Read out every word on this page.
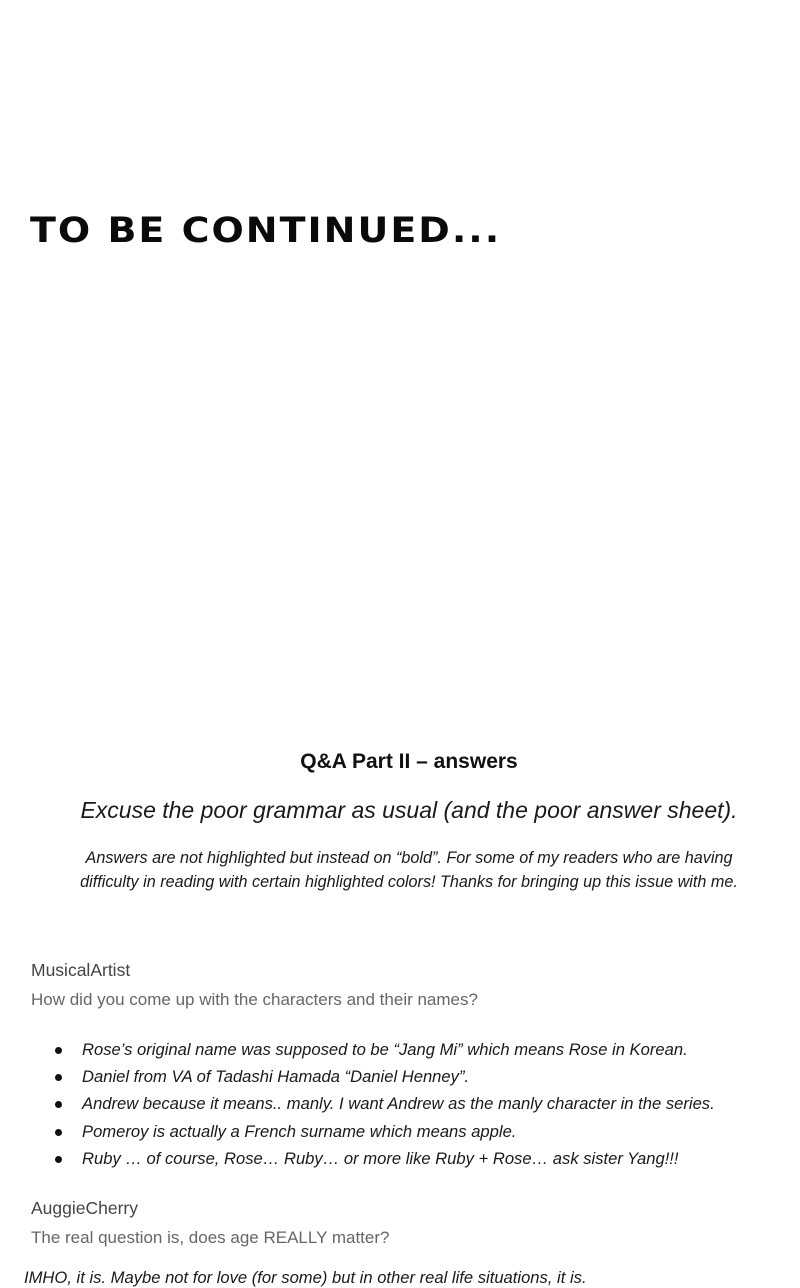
TO BE CONTINUED...
Q&A Part II – answers
Excuse the poor grammar as usual (and the poor answer sheet).
Answers are not highlighted but instead on “bold”. For some of my readers who are having
difficulty in reading with certain highlighted colors! Thanks for bringing up this issue with me.
MusicalArtist
How did you come up with the characters and their names?
Rose’s original name was supposed to be “Jang Mi” which means Rose in Korean.
Daniel from VA of Tadashi Hamada “Daniel Henney”.
Andrew because it means.. manly. I want Andrew as the manly character in the series.
Pomeroy is actually a French surname which means apple.
Ruby … of course, Rose… Ruby… or more like Ruby + Rose… ask sister Yang!!!
AuggieCherry
The real question is, does age REALLY matter?
IMHO, it is. Maybe not for love (for some) but in other real life situations, it is.
